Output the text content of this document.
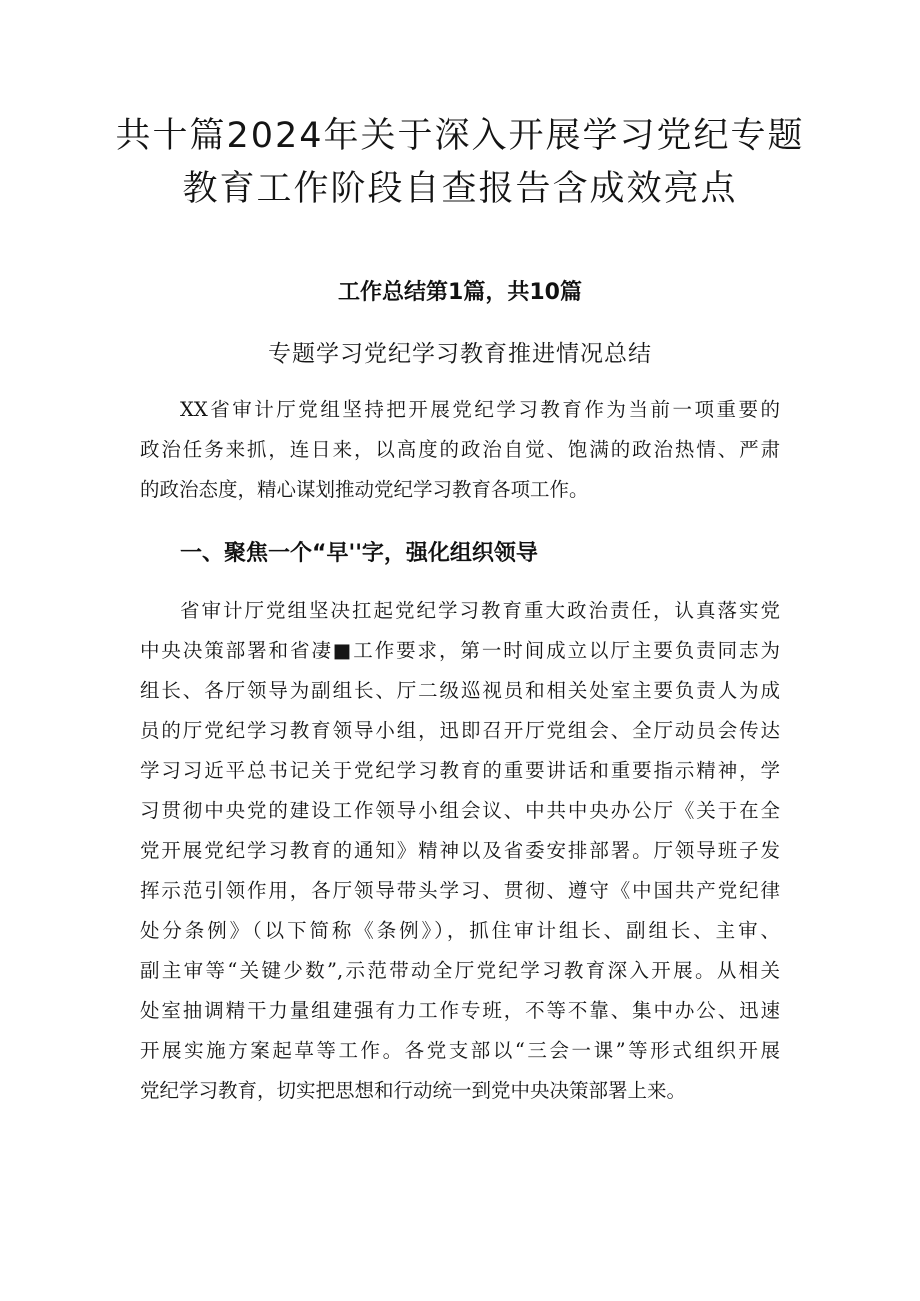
共十篇2024年关于深入开展学习党纪专题
教育工作阶段自查报告含成效亮点
工作总结第1篇，共10篇
专题学习党纪学习教育推进情况总结
XX省审计厅党组坚持把开展党纪学习教育作为当前一项重要的
政治任务来抓，连日来，以高度的政治自觉、饱满的政治热情、严肃
的政治态度，精心谋划推动党纪学习教育各项工作。
一、聚焦一个“早''字，强化组织领导
省审计厅党组坚决扛起党纪学习教育重大政治责任，认真落实党
中央决策部署和省凄■工作要求，第一时间成立以厅主要负责同志为
组长、各厅领导为副组长、厅二级巡视员和相关处室主要负责人为成
员的厅党纪学习教育领导小组，迅即召开厅党组会、全厅动员会传达
学习习近平总书记关于党纪学习教育的重要讲话和重要指示精神，学
习贯彻中央党的建设工作领导小组会议、中共中央办公厅《关于在全
党开展党纪学习教育的通知》精神以及省委安排部署。厅领导班子发
挥示范引领作用，各厅领导带头学习、贯彻、遵守《中国共产党纪律
处分条例》（以下简称《条例》），抓住审计组长、副组长、主审、
副主审等“关键少数”,示范带动全厅党纪学习教育深入开展。从相关
处室抽调精干力量组建强有力工作专班，不等不靠、集中办公、迅速
开展实施方案起草等工作。各党支部以“三会一课”等形式组织开展
党纪学习教育，切实把思想和行动统一到党中央决策部署上来。
